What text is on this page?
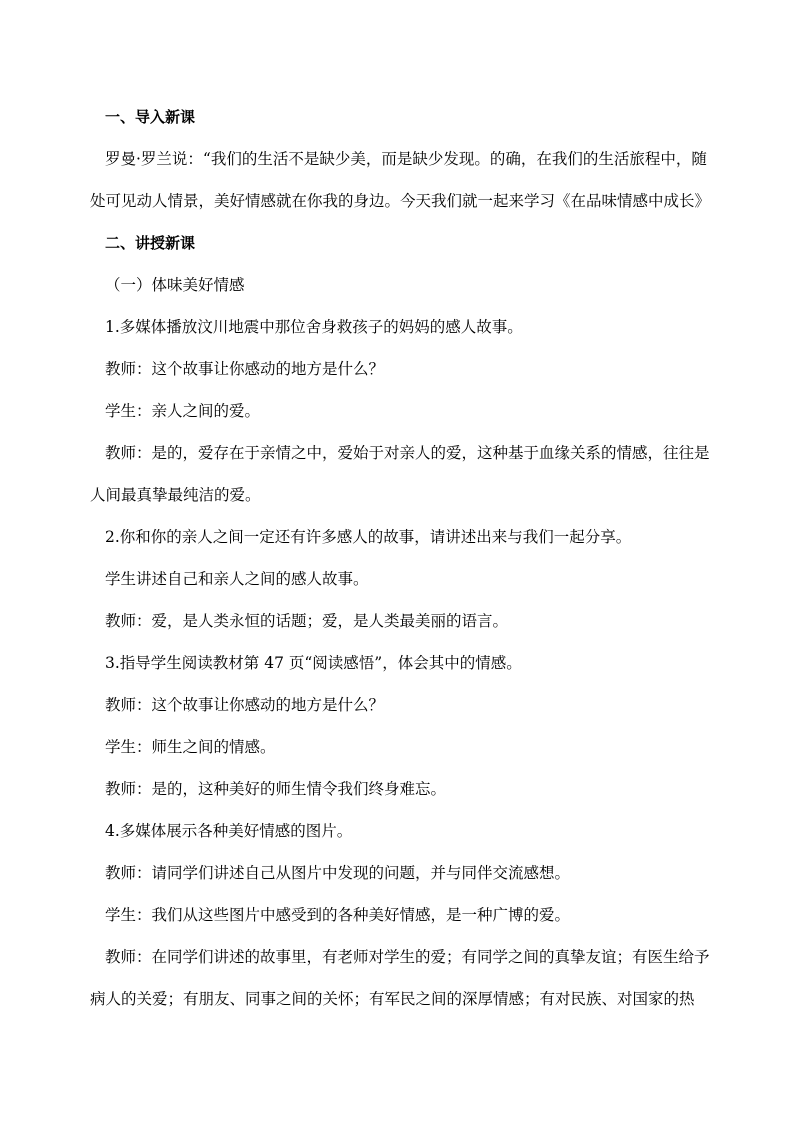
一、导入新课
罗曼·罗兰说：“我们的生活不是缺少美，而是缺少发现。的确，在我们的生活旅程中，随
处可见动人情景，美好情感就在你我的身边。今天我们就一起来学习《在品味情感中成长》
二、讲授新课
（一）体味美好情感
1.多媒体播放汶川地震中那位舍身救孩子的妈妈的感人故事。
教师：这个故事让你感动的地方是什么？
学生：亲人之间的爱。
教师：是的，爱存在于亲情之中，爱始于对亲人的爱，这种基于血缘关系的情感，往往是
人间最真挚最纯洁的爱。
2.你和你的亲人之间一定还有许多感人的故事，请讲述出来与我们一起分享。
学生讲述自己和亲人之间的感人故事。
教师：爱，是人类永恒的话题；爱，是人类最美丽的语言。
3.指导学生阅读教材第 47 页“阅读感悟”，体会其中的情感。
教师：这个故事让你感动的地方是什么？
学生：师生之间的情感。
教师：是的，这种美好的师生情令我们终身难忘。
4.多媒体展示各种美好情感的图片。
教师：请同学们讲述自己从图片中发现的问题，并与同伴交流感想。
学生：我们从这些图片中感受到的各种美好情感，是一种广博的爱。
教师：在同学们讲述的故事里，有老师对学生的爱；有同学之间的真挚友谊；有医生给予
病人的关爱；有朋友、同事之间的关怀；有军民之间的深厚情感；有对民族、对国家的热
